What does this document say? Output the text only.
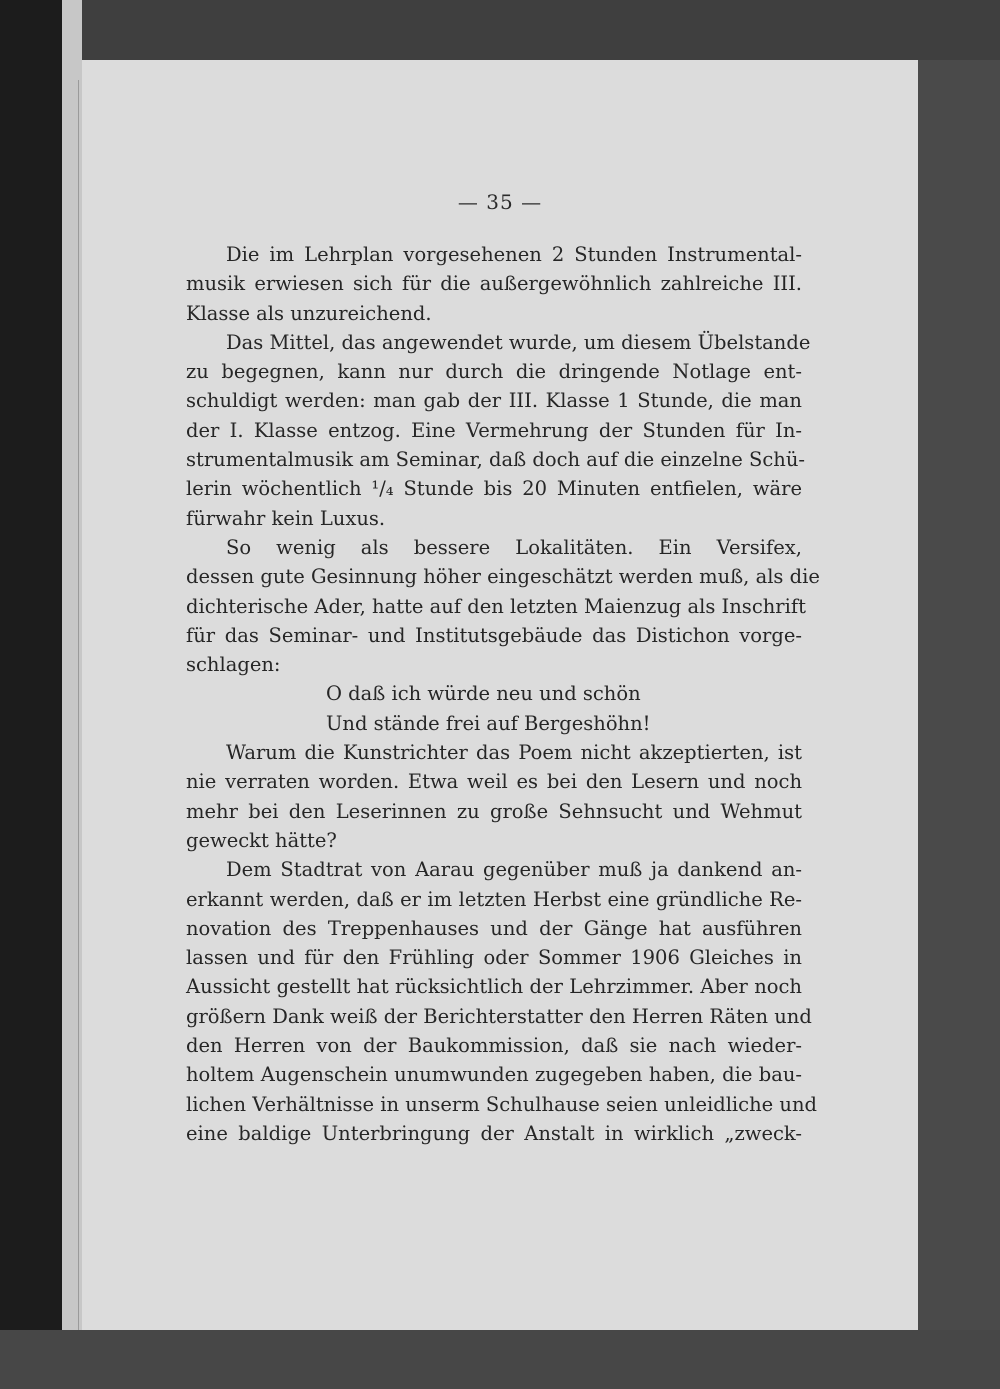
— 35 —
Die im Lehrplan vorgesehenen 2 Stunden Instrumental-
musik erwiesen sich für die außergewöhnlich zahlreiche III.
Klasse als unzureichend.
Das Mittel, das angewendet wurde, um diesem Übelstande
zu begegnen, kann nur durch die dringende Notlage ent-
schuldigt werden: man gab der III. Klasse 1 Stunde, die man
der I. Klasse entzog. Eine Vermehrung der Stunden für In-
strumentalmusik am Seminar, daß doch auf die einzelne Schü-
lerin wöchentlich ¹/₄ Stunde bis 20 Minuten entfielen, wäre
fürwahr kein Luxus.
So wenig als bessere Lokalitäten. Ein Versifex,
dessen gute Gesinnung höher eingeschätzt werden muß, als die
dichterische Ader, hatte auf den letzten Maienzug als Inschrift
für das Seminar- und Institutsgebäude das Distichon vorge-
schlagen:
O daß ich würde neu und schön
Und stände frei auf Bergeshöhn!
Warum die Kunstrichter das Poem nicht akzeptierten, ist
nie verraten worden. Etwa weil es bei den Lesern und noch
mehr bei den Leserinnen zu große Sehnsucht und Wehmut
geweckt hätte?
Dem Stadtrat von Aarau gegenüber muß ja dankend an-
erkannt werden, daß er im letzten Herbst eine gründliche Re-
novation des Treppenhauses und der Gänge hat ausführen
lassen und für den Frühling oder Sommer 1906 Gleiches in
Aussicht gestellt hat rücksichtlich der Lehrzimmer. Aber noch
größern Dank weiß der Berichterstatter den Herren Räten und
den Herren von der Baukommission, daß sie nach wieder-
holtem Augenschein unumwunden zugegeben haben, die bau-
lichen Verhältnisse in unserm Schulhause seien unleidliche und
eine baldige Unterbringung der Anstalt in wirklich „zweck-
